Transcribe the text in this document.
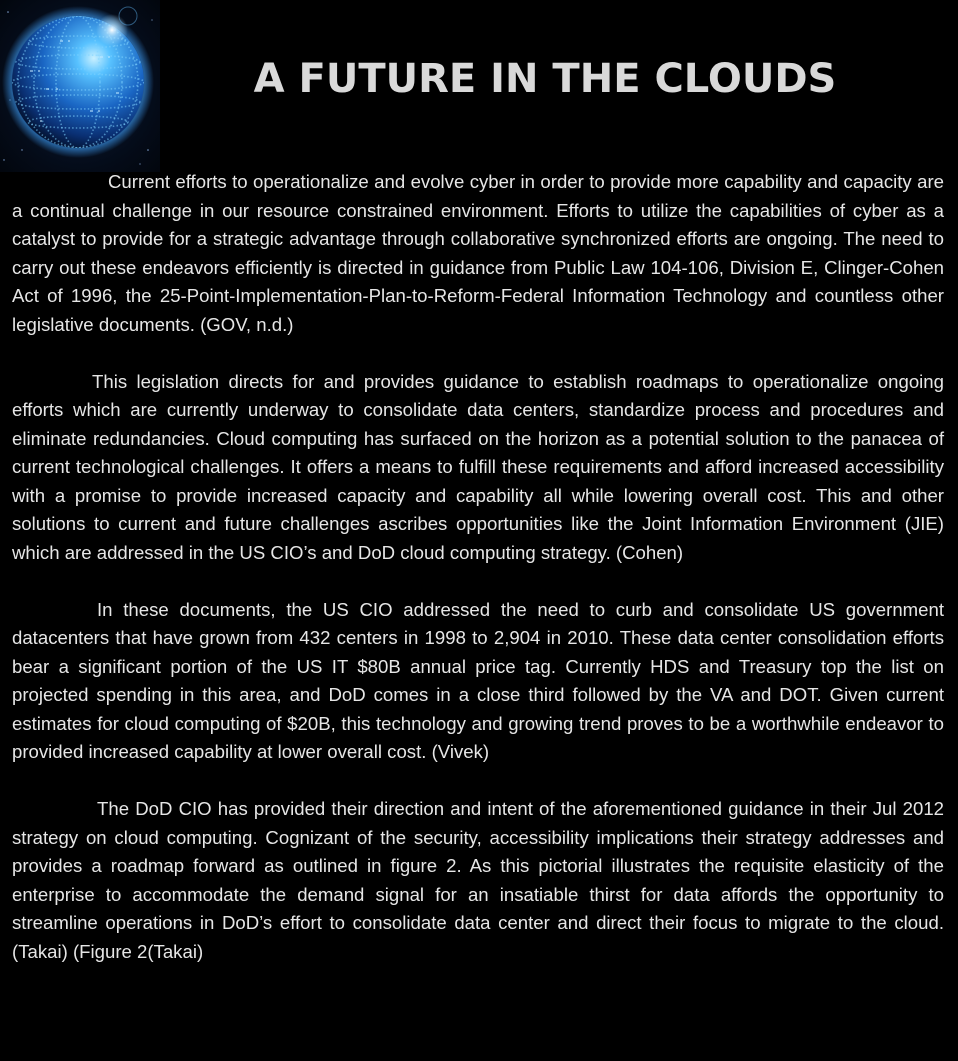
A FUTURE IN THE CLOUDS

Current efforts to operationalize and evolve cyber in order to provide more capability and capacity are a continual challenge in our resource constrained environment. Efforts to utilize the capabilities of cyber as a catalyst to provide for a strategic advantage through collaborative synchronized efforts are ongoing. The need to carry out these endeavors efficiently is directed in guidance from Public Law 104-106, Division E, Clinger-Cohen Act of 1996, the 25-Point-Implementation-Plan-to-Reform-Federal Information Technology and countless other legislative documents. (GOV, n.d.)

This legislation directs for and provides guidance to establish roadmaps to operationalize ongoing efforts which are currently underway to consolidate data centers, standardize process and procedures and eliminate redundancies. Cloud computing has surfaced on the horizon as a potential solution to the panacea of current technological challenges. It offers a means to fulfill these requirements and afford increased accessibility with a promise to provide increased capacity and capability all while lowering overall cost. This and other solutions to current and future challenges ascribes opportunities like the Joint Information Environment (JIE) which are addressed in the US CIO’s and DoD cloud computing strategy. (Cohen)

In these documents, the US CIO addressed the need to curb and consolidate US government datacenters that have grown from 432 centers in 1998 to 2,904 in 2010. These data center consolidation efforts bear a significant portion of the US IT $80B annual price tag. Currently HDS and Treasury top the list on projected spending in this area, and DoD comes in a close third followed by the VA and DOT. Given current estimates for cloud computing of $20B, this technology and growing trend proves to be a worthwhile endeavor to provided increased capability at lower overall cost. (Vivek)

The DoD CIO has provided their direction and intent of the aforementioned guidance in their Jul 2012 strategy on cloud computing. Cognizant of the security, accessibility implications their strategy addresses and provides a roadmap forward as outlined in figure 2. As this pictorial illustrates the requisite elasticity of the enterprise to accommodate the demand signal for an insatiable thirst for data affords the opportunity to streamline operations in DoD’s effort to consolidate data center and direct their focus to migrate to the cloud. (Takai) (Figure 2(Takai)
